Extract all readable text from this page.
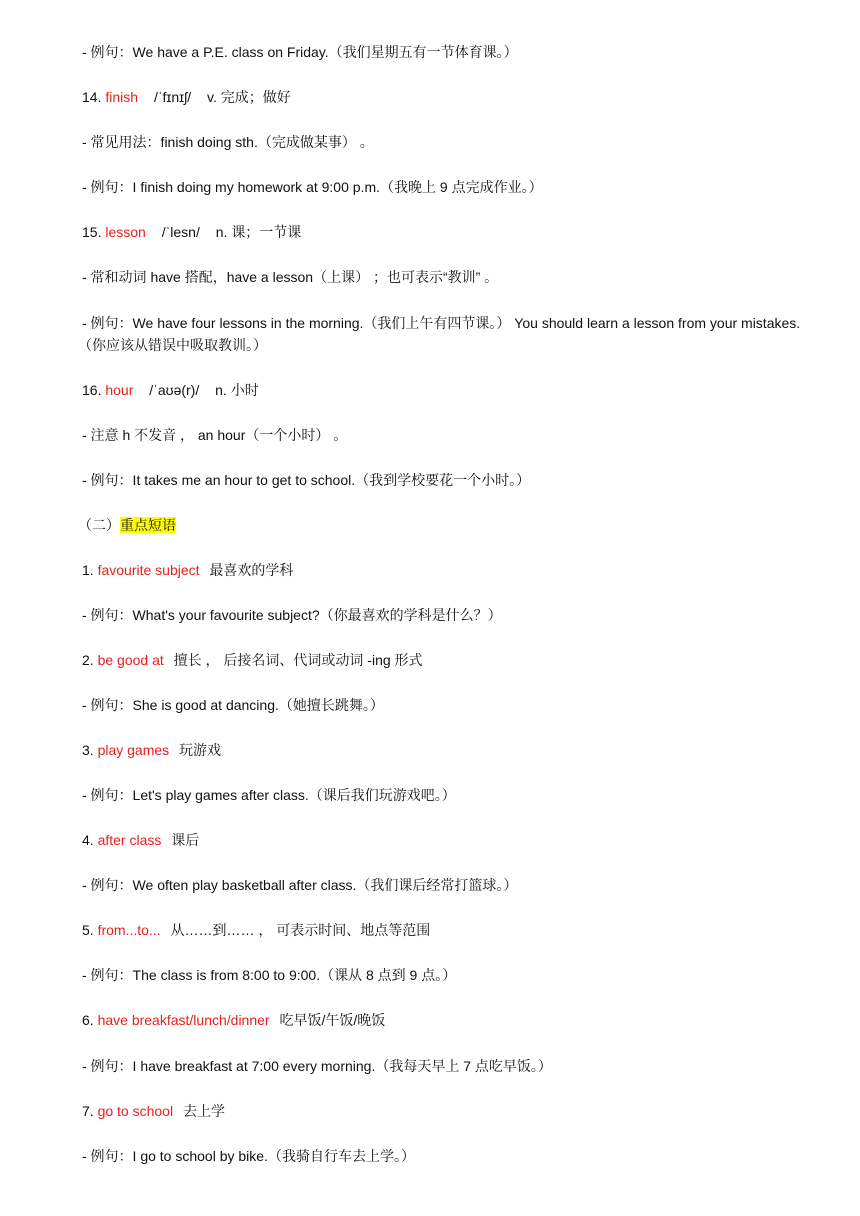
- 例句：We have a P.E. class on Friday.（我们星期五有一节体育课。）
14. finish /ˈfɪnɪʃ/ v. 完成；做好
- 常见用法：finish doing sth.（完成做某事） 。
- 例句：I finish doing my homework at 9:00 p.m.（我晚上 9 点完成作业。）
15. lesson /ˈlesn/ n. 课；一节课
- 常和动词 have 搭配，have a lesson（上课） ；也可表示“教训” 。
- 例句：We have four lessons in the morning.（我们上午有四节课。） You should learn a lesson from your mistakes.
（你应该从错误中吸取教训。）
16. hour /ˈaʊə(r)/ n. 小时
- 注意 h 不发音 ， an hour（一个小时） 。
- 例句：It takes me an hour to get to school.（我到学校要花一个小时。）
（二）重点短语
1. favourite subject 最喜欢的学科
- 例句：What's your favourite subject?（你最喜欢的学科是什么？）
2. be good at 擅长 ， 后接名词、代词或动词 -ing 形式
- 例句：She is good at dancing.（她擅长跳舞。）
3. play games 玩游戏
- 例句：Let's play games after class.（课后我们玩游戏吧。）
4. after class 课后
- 例句：We often play basketball after class.（我们课后经常打篮球。）
5. from...to... 从……到…… ， 可表示时间、地点等范围
- 例句：The class is from 8:00 to 9:00.（课从 8 点到 9 点。）
6. have breakfast/lunch/dinner 吃早饭/午饭/晚饭
- 例句：I have breakfast at 7:00 every morning.（我每天早上 7 点吃早饭。）
7. go to school 去上学
- 例句：I go to school by bike.（我骑自行车去上学。）
